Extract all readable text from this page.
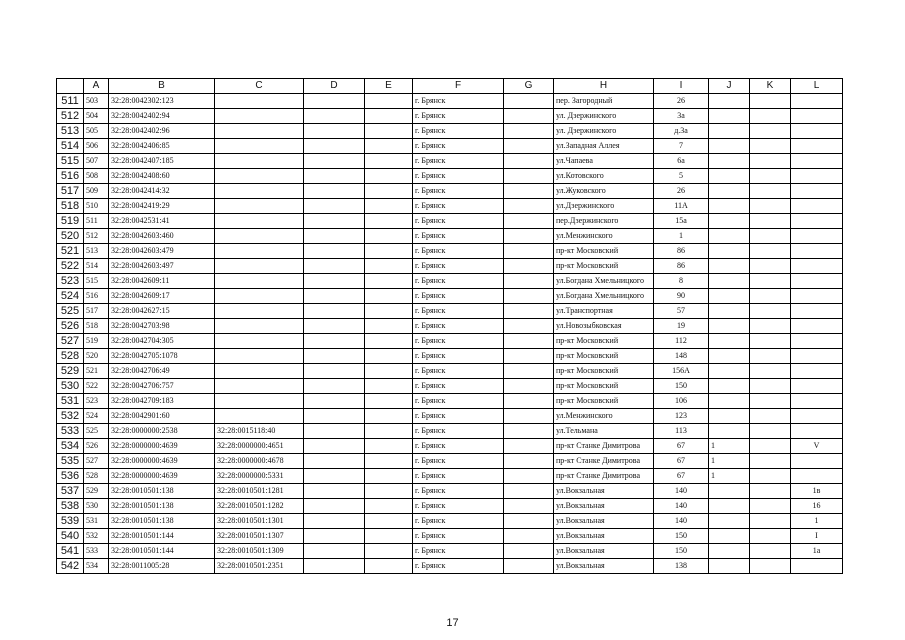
	A	B	C	D	E	F	G	H	I	J	K	L
511	503	32:28:0042302:123				г. Брянск		пер. Загородный	26			
512	504	32:28:0042402:94				г. Брянск		ул. Дзержинского	3а			
513	505	32:28:0042402:96				г. Брянск		ул. Дзержинского	д.3а			
514	506	32:28:0042406:85				г. Брянск		ул.Западная Аллея	7			
515	507	32:28:0042407:185				г. Брянск		ул.Чапаева	6а			
516	508	32:28:0042408:60				г. Брянск		ул.Котовского	5			
517	509	32:28:0042414:32				г. Брянск		ул.Жуковского	26			
518	510	32:28:0042419:29				г. Брянск		ул.Дзержинского	11А			
519	511	32:28:0042531:41				г. Брянск		пер.Дзержинского	15а			
520	512	32:28:0042603:460				г. Брянск		ул.Менжинского	1			
521	513	32:28:0042603:479				г. Брянск		пр-кт Московский	86			
522	514	32:28:0042603:497				г. Брянск		пр-кт Московский	86			
523	515	32:28:0042609:11				г. Брянск		ул.Богдана Хмельницкого	8			
524	516	32:28:0042609:17				г. Брянск		ул.Богдана Хмельницкого	90			
525	517	32:28:0042627:15				г. Брянск		ул.Транспортная	57			
526	518	32:28:0042703:98				г. Брянск		ул.Новозыбковская	19			
527	519	32:28:0042704:305				г. Брянск		пр-кт Московский	112			
528	520	32:28:0042705:1078				г. Брянск		пр-кт Московский	148			
529	521	32:28:0042706:49				г. Брянск		пр-кт Московский	156А			
530	522	32:28:0042706:757				г. Брянск		пр-кт Московский	150			
531	523	32:28:0042709:183				г. Брянск		пр-кт Московский	106			
532	524	32:28:0042901:60				г. Брянск		ул.Менжинского	123			
533	525	32:28:0000000:2538	32:28:0015118:40			г. Брянск		ул.Тельмана	113			
534	526	32:28:0000000:4639	32:28:0000000:4651			г. Брянск		пр-кт Станке Димитрова	67	1		V
535	527	32:28:0000000:4639	32:28:0000000:4678			г. Брянск		пр-кт Станке Димитрова	67	1		
536	528	32:28:0000000:4639	32:28:0000000:5331			г. Брянск		пр-кт Станке Димитрова	67	1		
537	529	32:28:0010501:138	32:28:0010501:1281			г. Брянск		ул.Вокзальная	140			1в
538	530	32:28:0010501:138	32:28:0010501:1282			г. Брянск		ул.Вокзальная	140			16
539	531	32:28:0010501:138	32:28:0010501:1301			г. Брянск		ул.Вокзальная	140			1
540	532	32:28:0010501:144	32:28:0010501:1307			г. Брянск		ул.Вокзальная	150			I
541	533	32:28:0010501:144	32:28:0010501:1309			г. Брянск		ул.Вокзальная	150			1а
542	534	32:28:0011005:28	32:28:0010501:2351			г. Брянск		ул.Вокзальная	138			
17
